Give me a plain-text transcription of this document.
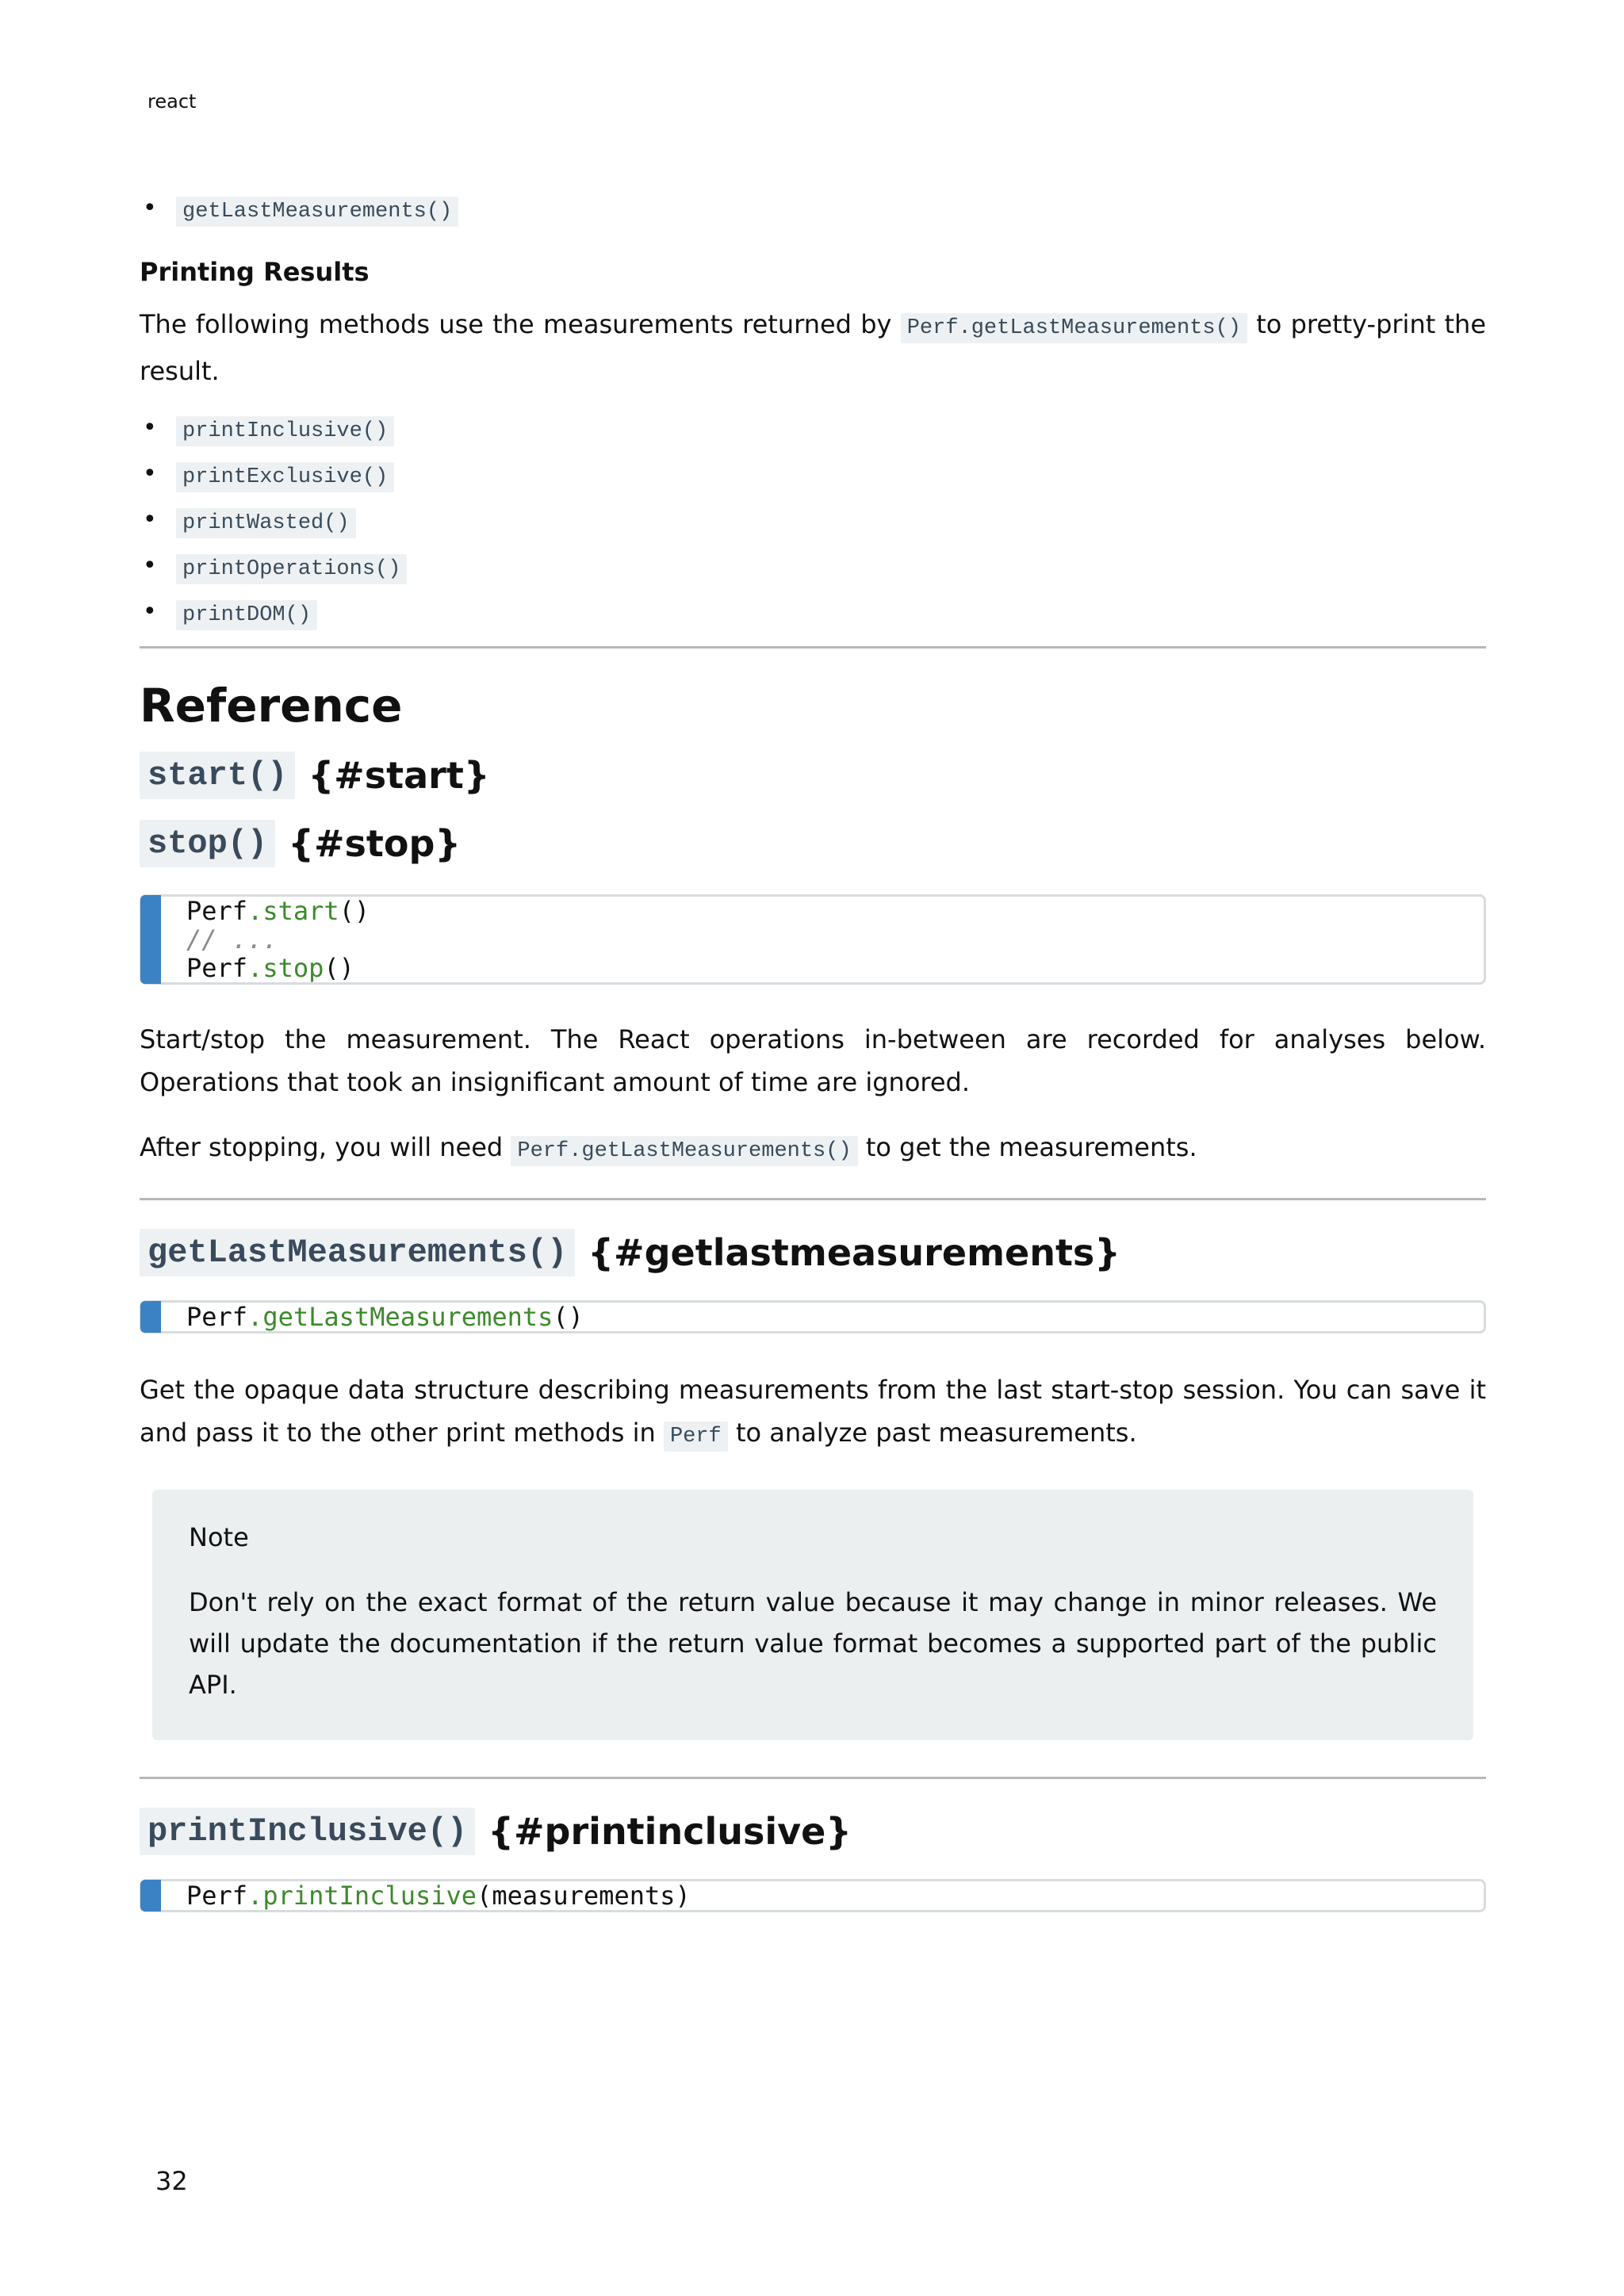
react
• getLastMeasurements()
Printing Results

The following methods use the measurements returned by Perf.getLastMeasurements() to pretty-print the result.

• printInclusive()
• printExclusive()
• printWasted()
• printOperations()
• printDOM()
Reference
start() {#start}
stop() {#stop}
Perf.start()
// ...
Perf.stop()

Start/stop the measurement. The React operations in-between are recorded for analyses below. Operations that took an insignificant amount of time are ignored.

After stopping, you will need Perf.getLastMeasurements() to get the measurements.

getLastMeasurements() {#getlastmeasurements}
Perf.getLastMeasurements()

Get the opaque data structure describing measurements from the last start-stop session. You can save it and pass it to the other print methods in Perf to analyze past measurements.

Note

Don't rely on the exact format of the return value because it may change in minor releases. We will update the documentation if the return value format becomes a supported part of the public API.

printInclusive() {#printinclusive}
Perf.printInclusive(measurements)
32
